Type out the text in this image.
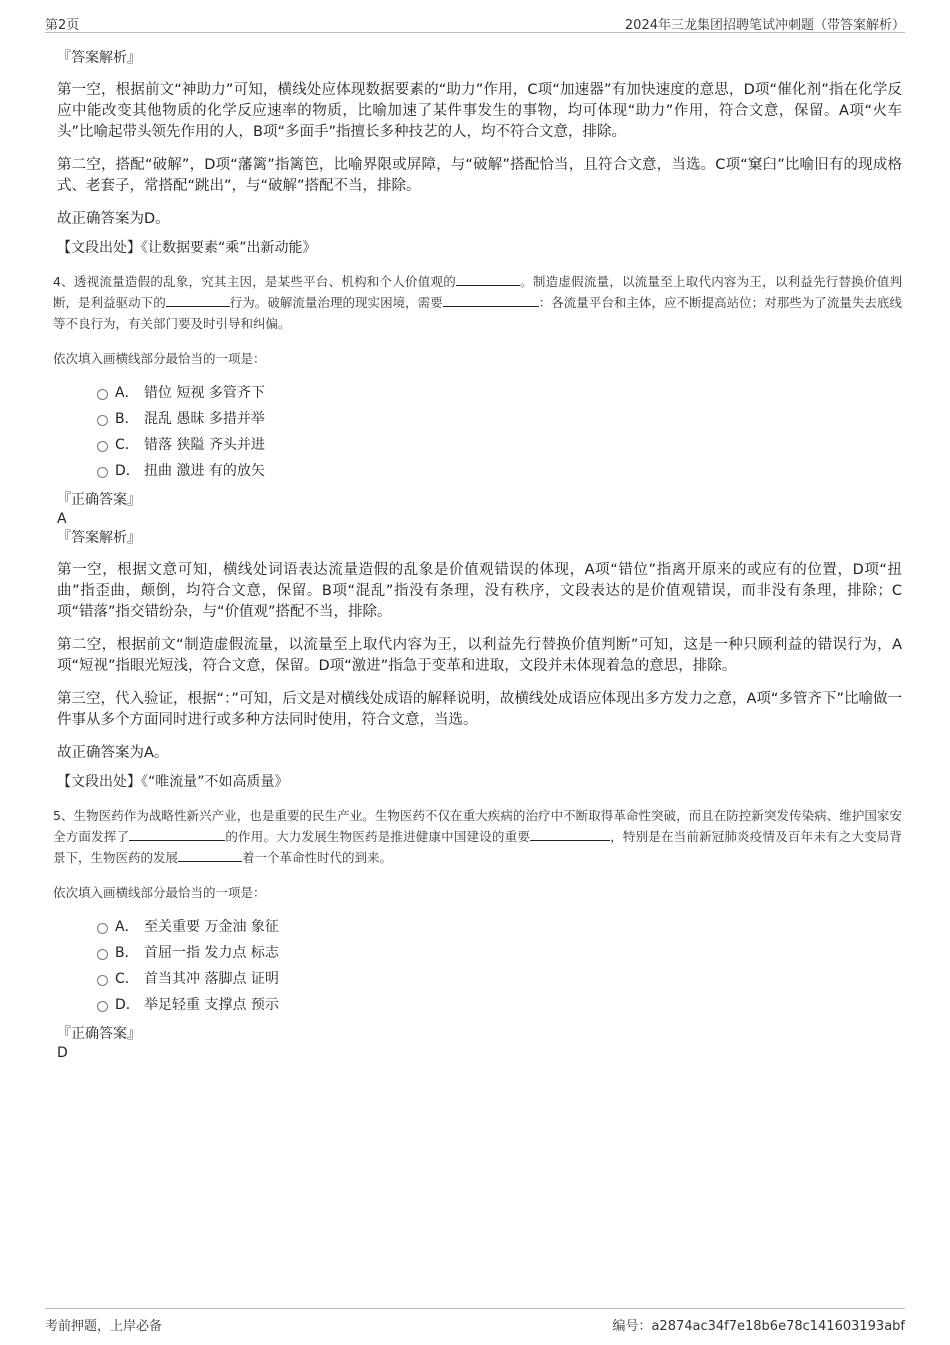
第2页	2024年三龙集团招聘笔试冲刺题（带答案解析）

『答案解析』

第一空，根据前文“神助力”可知，横线处应体现数据要素的“助力”作用，C项“加速器”有加快速度的意思，D项“催化剂”指在化学反应中能改变其他物质的化学反应速率的物质，比喻加速了某件事发生的事物，均可体现“助力”作用，符合文意，保留。A项“火车头”比喻起带头领先作用的人，B项“多面手”指擅长多种技艺的人，均不符合文意，排除。

第二空，搭配“破解”，D项“藩篱”指篱笆，比喻界限或屏障，与“破解”搭配恰当，且符合文意，当选。C项“窠臼”比喻旧有的现成格式、老套子，常搭配“跳出”，与“破解”搭配不当，排除。

故正确答案为D。

【文段出处】《让数据要素“乘”出新动能》

4、透视流量造假的乱象，究其主因，是某些平台、机构和个人价值观的	。制造虚假流量，以流量至上取代内容为王，以利益先行替换价值判断，是利益驱动下的	行为。破解流量治理的现实困境，需要	：各流量平台和主体，应不断提高站位；对那些为了流量失去底线等不良行为，有关部门要及时引导和纠偏。

依次填入画横线部分最恰当的一项是：

A． 错位 短视 多管齐下
B． 混乱 愚昧 多措并举
C． 错落 狭隘 齐头并进
D． 扭曲 激进 有的放矢

『正确答案』

A

『答案解析』

第一空，根据文意可知，横线处词语表达流量造假的乱象是价值观错误的体现，A项“错位”指离开原来的或应有的位置，D项“扭曲”指歪曲，颠倒，均符合文意，保留。B项“混乱”指没有条理，没有秩序，文段表达的是价值观错误，而非没有条理，排除；C项“错落”指交错纷杂，与“价值观”搭配不当，排除。

第二空，根据前文“制造虚假流量，以流量至上取代内容为王，以利益先行替换价值判断”可知，这是一种只顾利益的错误行为，A项“短视”指眼光短浅，符合文意，保留。D项“激进”指急于变革和进取，文段并未体现着急的意思，排除。

第三空，代入验证，根据“：”可知，后文是对横线处成语的解释说明，故横线处成语应体现出多方发力之意，A项“多管齐下”比喻做一件事从多个方面同时进行或多种方法同时使用，符合文意，当选。

故正确答案为A。

【文段出处】《“唯流量”不如高质量》

5、生物医药作为战略性新兴产业，也是重要的民生产业。生物医药不仅在重大疾病的治疗中不断取得革命性突破，而且在防控新突发传染病、维护国家安全方面发挥了	的作用。大力发展生物医药是推进健康中国建设的重要	，特别是在当前新冠肺炎疫情及百年未有之大变局背景下，生物医药的发展	着一个革命性时代的到来。

依次填入画横线部分最恰当的一项是：

A． 至关重要 万金油 象征
B． 首屈一指 发力点 标志
C． 首当其冲 落脚点 证明
D． 举足轻重 支撑点 预示

『正确答案』

D

考前押题，上岸必备	编号：a2874ac34f7e18b6e78c141603193abf
